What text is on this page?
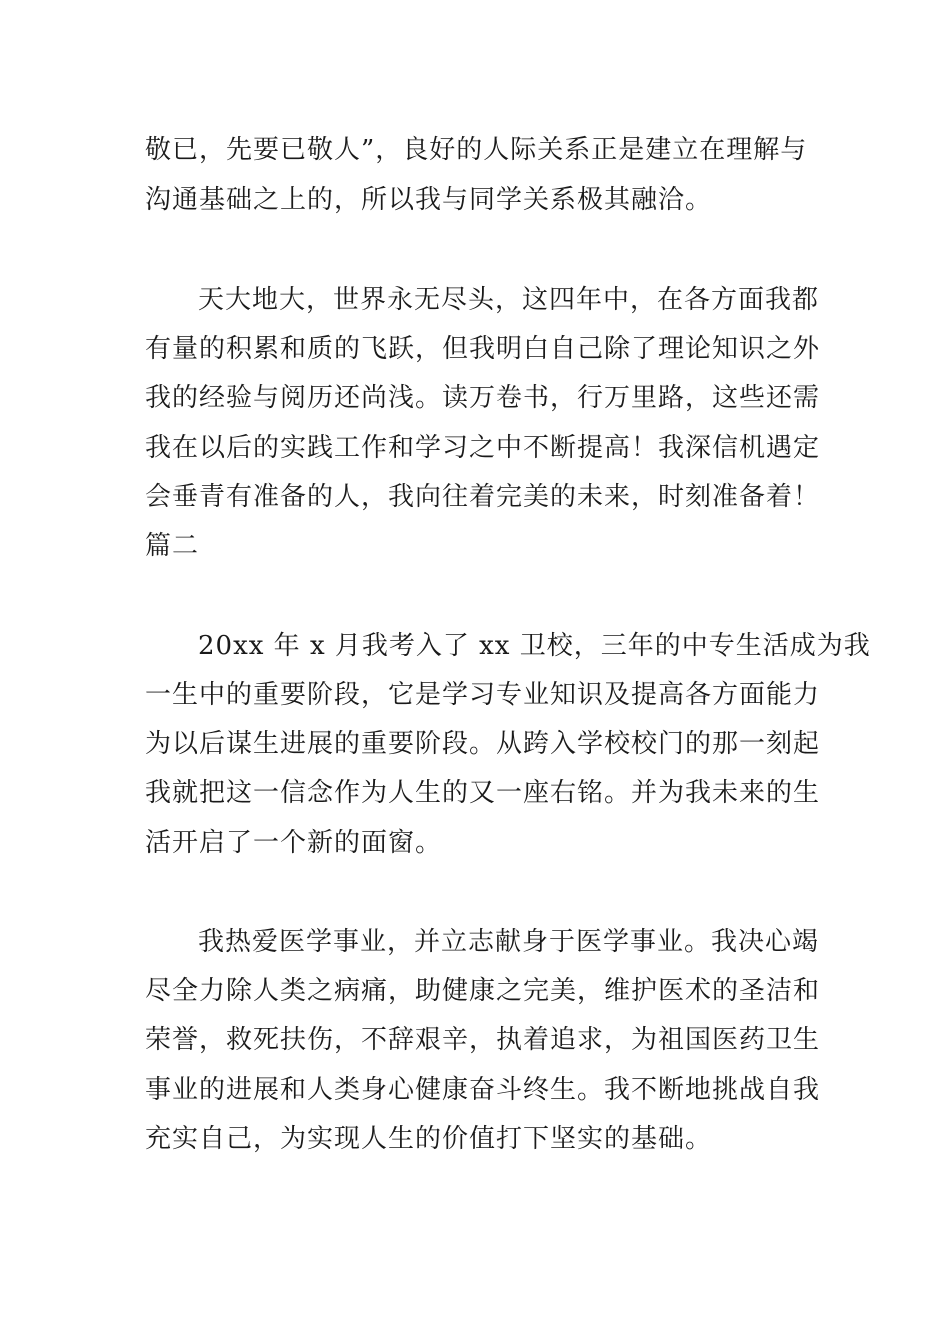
敬已，先要已敬人”，良好的人际关系正是建立在理解与
沟通基础之上的，所以我与同学关系极其融洽。
天大地大，世界永无尽头，这四年中，在各方面我都
有量的积累和质的飞跃，但我明白自己除了理论知识之外
我的经验与阅历还尚浅。读万卷书，行万里路，这些还需
我在以后的实践工作和学习之中不断提高！我深信机遇定
会垂青有准备的人，我向往着完美的未来，时刻准备着！
篇二
20xx 年 x 月我考入了 xx 卫校，三年的中专生活成为我
一生中的重要阶段，它是学习专业知识及提高各方面能力
为以后谋生进展的重要阶段。从跨入学校校门的那一刻起
我就把这一信念作为人生的又一座右铭。并为我未来的生
活开启了一个新的面窗。
我热爱医学事业，并立志献身于医学事业。我决心竭
尽全力除人类之病痛，助健康之完美，维护医术的圣洁和
荣誉，救死扶伤，不辞艰辛，执着追求，为祖国医药卫生
事业的进展和人类身心健康奋斗终生。我不断地挑战自我
充实自己，为实现人生的价值打下坚实的基础。
